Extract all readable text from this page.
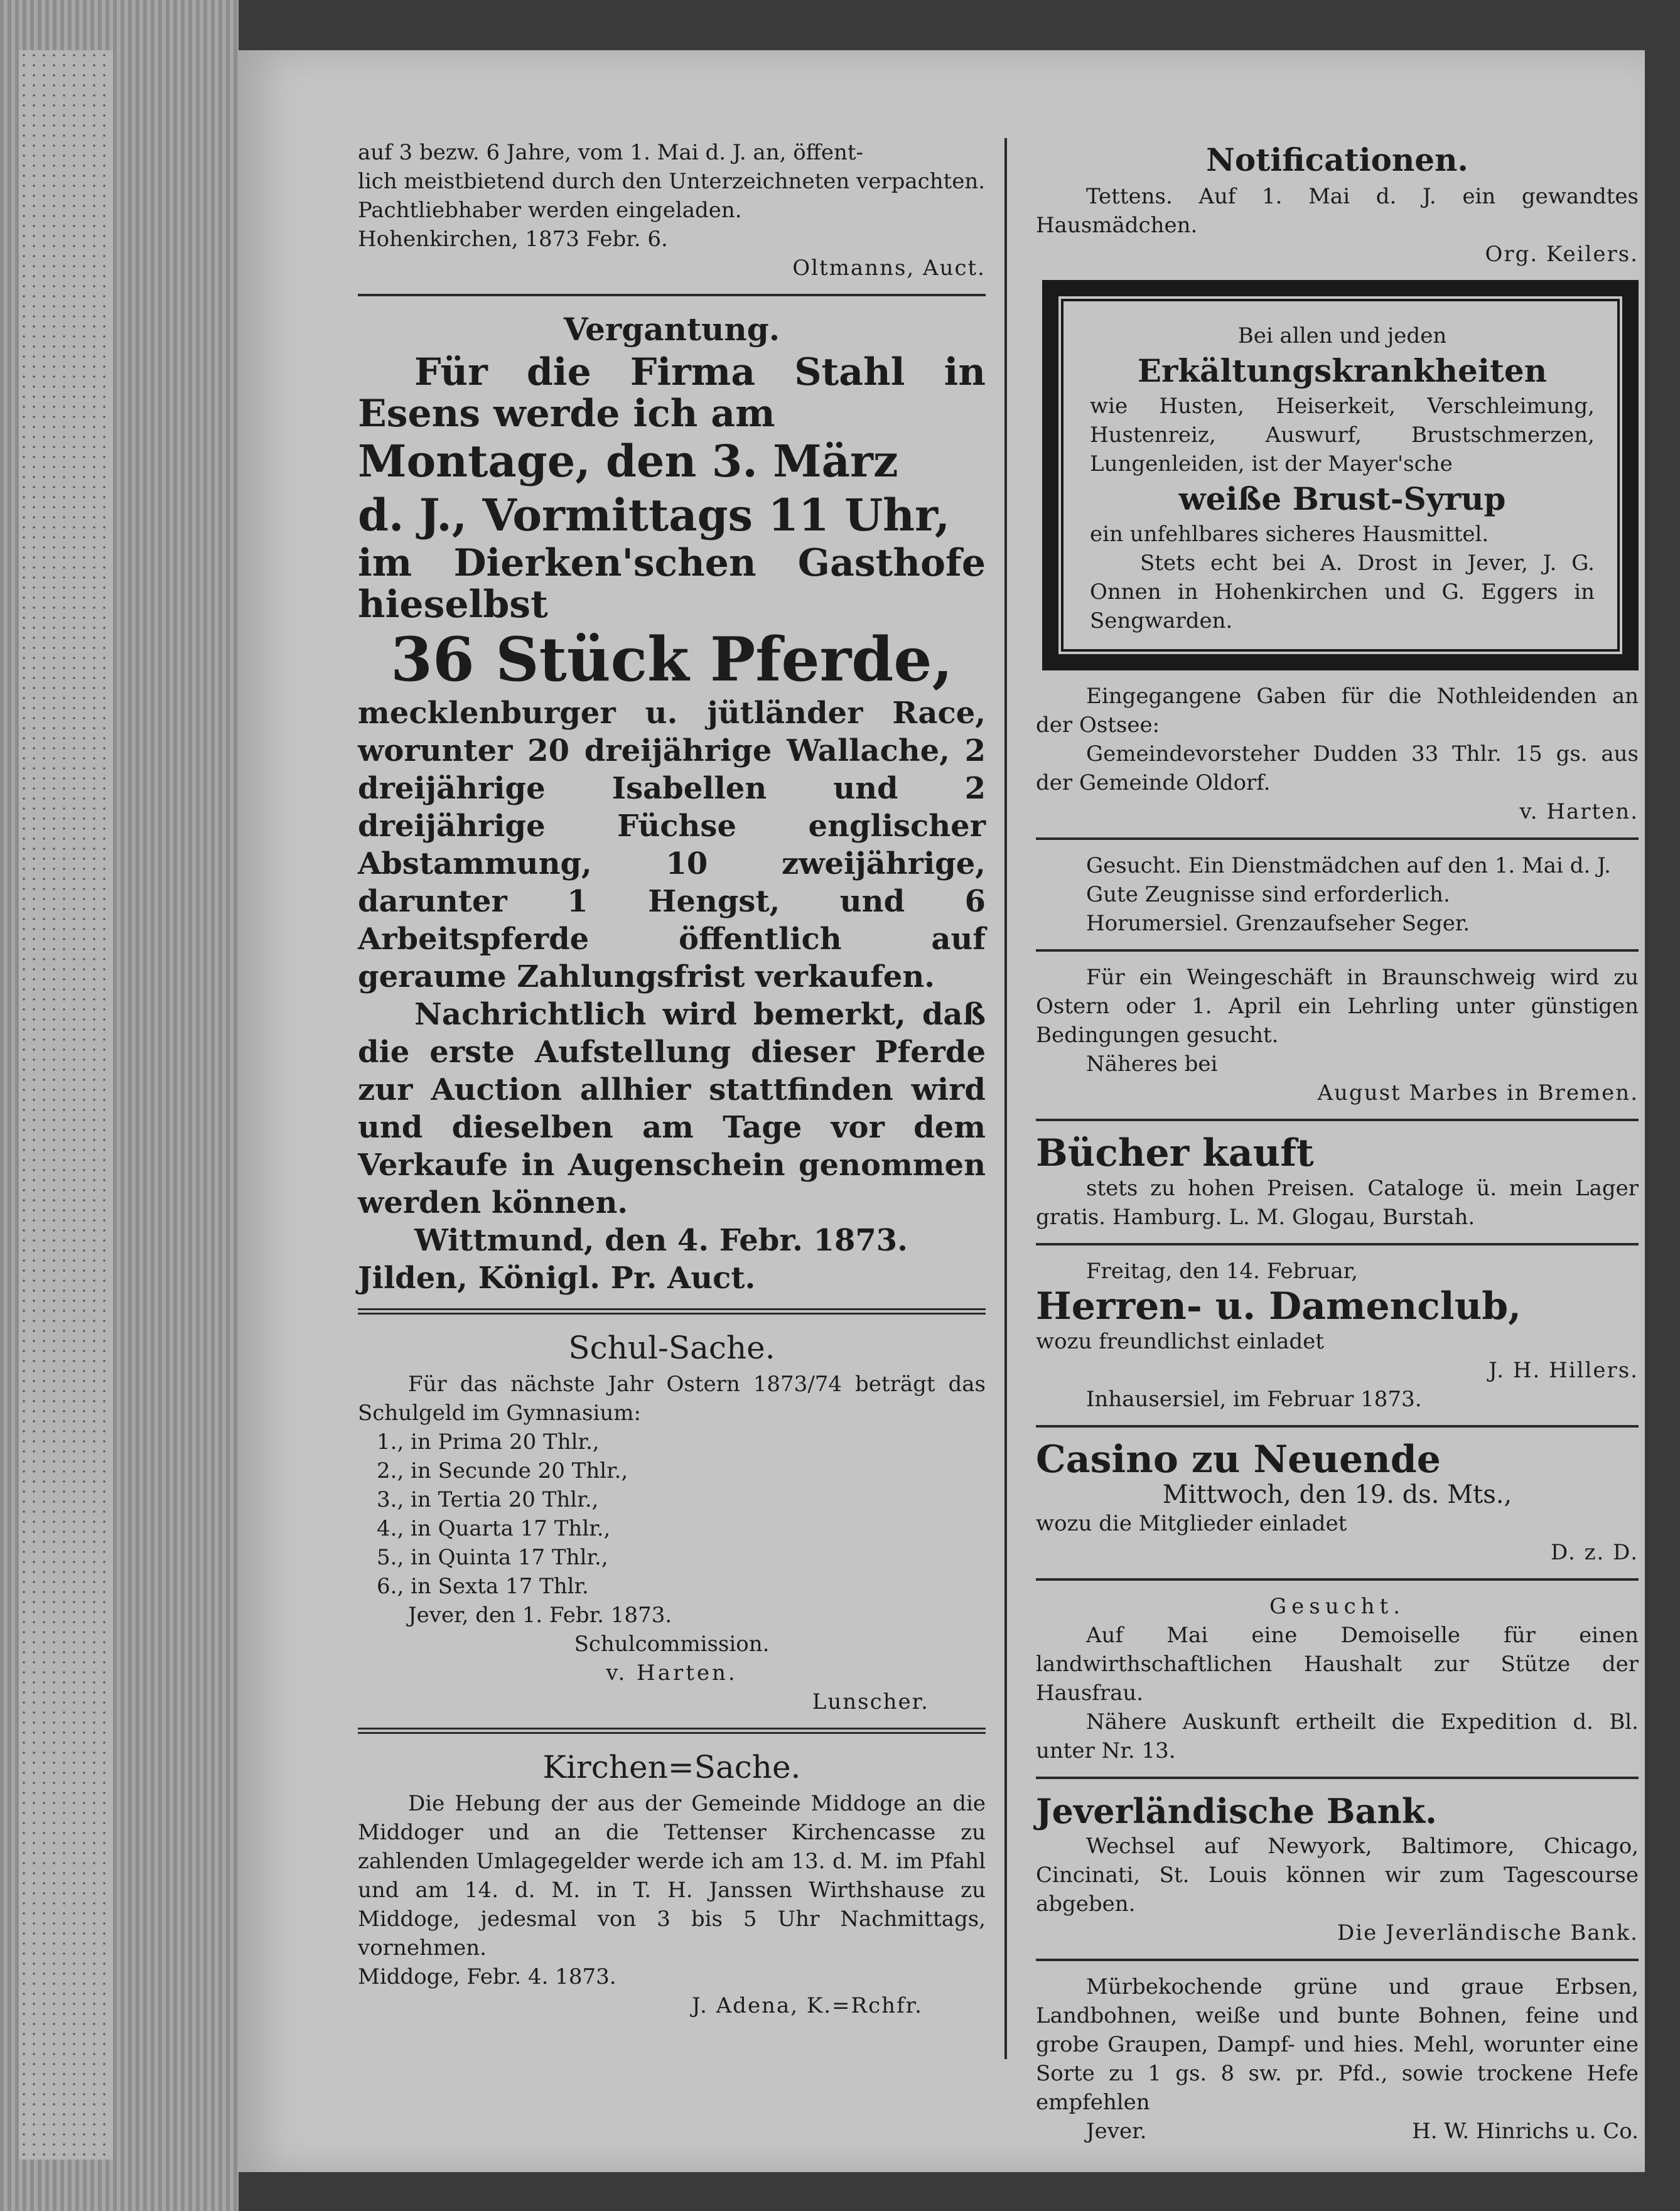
auf 3 bezw. 6 Jahre, vom 1. Mai d. J. an, öffent-

lich meistbietend durch den Unterzeichneten verpachten.

Pachtliebhaber werden eingeladen.

Hohenkirchen, 1873 Febr. 6.

Oltmanns, Auct.

Vergantung.

Für die Firma Stahl in Esens werde ich am

Montage, den 3. März

d. J., Vormittags 11 Uhr,

im Dierken'schen Gasthofe hieselbst

36 Stück Pferde,

mecklenburger u. jütländer Race, worunter 20 dreijährige Wallache, 2 dreijährige Isabellen und 2 dreijährige Füchse englischer Abstammung, 10 zweijährige, darunter 1 Hengst, und 6 Arbeitspferde öffentlich auf geraume Zahlungsfrist verkaufen.

Nachrichtlich wird bemerkt, daß die erste Aufstellung dieser Pferde zur Auction allhier stattfinden wird und dieselben am Tage vor dem Verkaufe in Augenschein genommen werden können.

Wittmund, den 4. Febr. 1873.

Jilden, Königl. Pr. Auct.

Schul-Sache.

Für das nächste Jahr Ostern 1873/74 beträgt das Schulgeld im Gymnasium:

1., in Prima 20 Thlr.,

2., in Secunde 20 Thlr.,

3., in Tertia 20 Thlr.,

4., in Quarta 17 Thlr.,

5., in Quinta 17 Thlr.,

6., in Sexta 17 Thlr.

Jever, den 1. Febr. 1873.

Schulcommission.

v. Harten.

Lunscher.

Kirchen=Sache.

Die Hebung der aus der Gemeinde Middoge an die Middoger und an die Tettenser Kirchencasse zu zahlenden Umlagegelder werde ich am 13. d. M. im Pfahl und am 14. d. M. in T. H. Janssen Wirthshause zu Middoge, jedesmal von 3 bis 5 Uhr Nachmittags, vornehmen.

Middoge, Febr. 4. 1873.

J. Adena, K.=Rchfr.

Notificationen.

Tettens. Auf 1. Mai d. J. ein gewandtes Hausmädchen.

Org. Keilers.

Bei allen und jeden

Erkältungskrankheiten

wie Husten, Heiserkeit, Verschleimung, Hustenreiz, Auswurf, Brustschmerzen, Lungenleiden, ist der Mayer'sche

weiße Brust-Syrup

ein unfehlbares sicheres Hausmittel.

Stets echt bei A. Drost in Jever, J. G. Onnen in Hohenkirchen und G. Eggers in Sengwarden.

Eingegangene Gaben für die Nothleidenden an der Ostsee:

Gemeindevorsteher Dudden 33 Thlr. 15 gs. aus der Gemeinde Oldorf.

v. Harten.

Gesucht. Ein Dienstmädchen auf den 1. Mai d. J.

Gute Zeugnisse sind erforderlich.

Horumersiel. Grenzaufseher Seger.

Für ein Weingeschäft in Braunschweig wird zu Ostern oder 1. April ein Lehrling unter günstigen Bedingungen gesucht.

Näheres bei

August Marbes in Bremen.

Bücher kauft

stets zu hohen Preisen. Cataloge ü. mein Lager gratis. Hamburg. L. M. Glogau, Burstah.

Freitag, den 14. Februar,

Herren- u. Damenclub,

wozu freundlichst einladet

J. H. Hillers.

Inhausersiel, im Februar 1873.

Casino zu Neuende

Mittwoch, den 19. ds. Mts.,

wozu die Mitglieder einladet

D. z. D.

Gesucht.

Auf Mai eine Demoiselle für einen landwirthschaftlichen Haushalt zur Stütze der Hausfrau.

Nähere Auskunft ertheilt die Expedition d. Bl. unter Nr. 13.

Jeverländische Bank.

Wechsel auf Newyork, Baltimore, Chicago, Cincinati, St. Louis können wir zum Tagescourse abgeben.

Die Jeverländische Bank.

Mürbekochende grüne und graue Erbsen, Landbohnen, weiße und bunte Bohnen, feine und grobe Graupen, Dampf- und hies. Mehl, worunter eine Sorte zu 1 gs. 8 sw. pr. Pfd., sowie trockene Hefe empfehlen

Jever.	H. W. Hinrichs u. Co.
